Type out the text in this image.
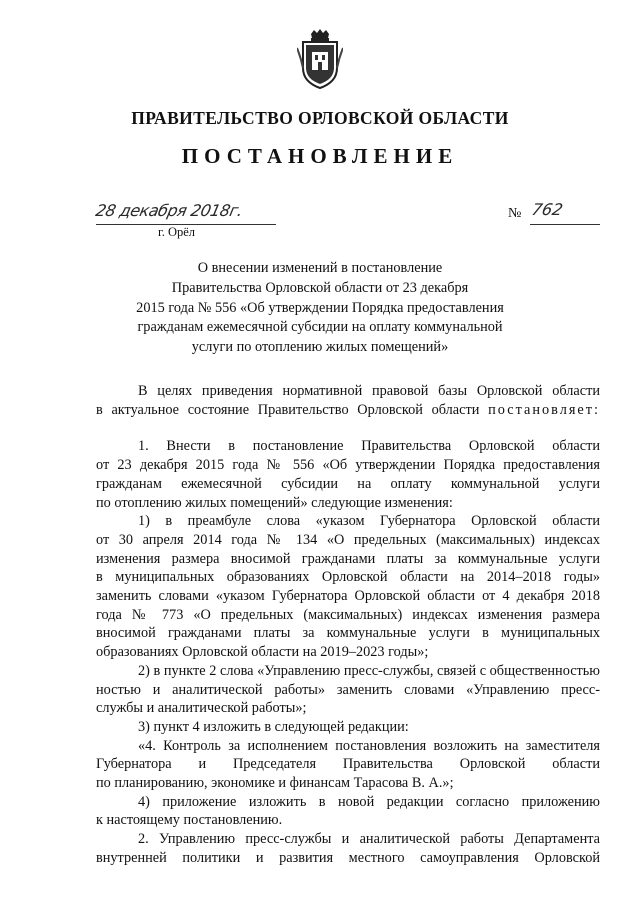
ПРАВИТЕЛЬСТВО ОРЛОВСКОЙ ОБЛАСТИ
ПОСТАНОВЛЕНИЕ
28 декабря 2018г.
г. Орёл
№ 762
О внесении изменений в постановление
Правительства Орловской области от 23 декабря
2015 года № 556 «Об утверждении Порядка предоставления
гражданам ежемесячной субсидии на оплату коммунальной
услуги по отоплению жилых помещений»
В целях приведения нормативной правовой базы Орловской области
в актуальное состояние Правительство Орловской области постановляет:
1. Внести в постановление Правительства Орловской области
от 23 декабря 2015 года № 556 «Об утверждении Порядка предоставления
гражданам ежемесячной субсидии на оплату коммунальной услуги
по отоплению жилых помещений» следующие изменения:
1) в преамбуле слова «указом Губернатора Орловской области
от 30 апреля 2014 года № 134 «О предельных (максимальных) индексах
изменения размера вносимой гражданами платы за коммунальные услуги
в муниципальных образованиях Орловской области на 2014–2018 годы»
заменить словами «указом Губернатора Орловской области от 4 декабря 2018
года № 773 «О предельных (максимальных) индексах изменения размера
вносимой гражданами платы за коммунальные услуги в муниципальных
образованиях Орловской области на 2019–2023 годы»;
2) в пункте 2 слова «Управлению пресс-службы, связей с общественностью
ностью и аналитической работы» заменить словами «Управлению пресс-
службы и аналитической работы»;
3) пункт 4 изложить в следующей редакции:
«4. Контроль за исполнением постановления возложить на заместителя
Губернатора и Председателя Правительства Орловской области
по планированию, экономике и финансам Тарасова В. А.»;
4) приложение изложить в новой редакции согласно приложению
к настоящему постановлению.
2. Управлению пресс-службы и аналитической работы Департамента
внутренней политики и развития местного самоуправления Орловской
